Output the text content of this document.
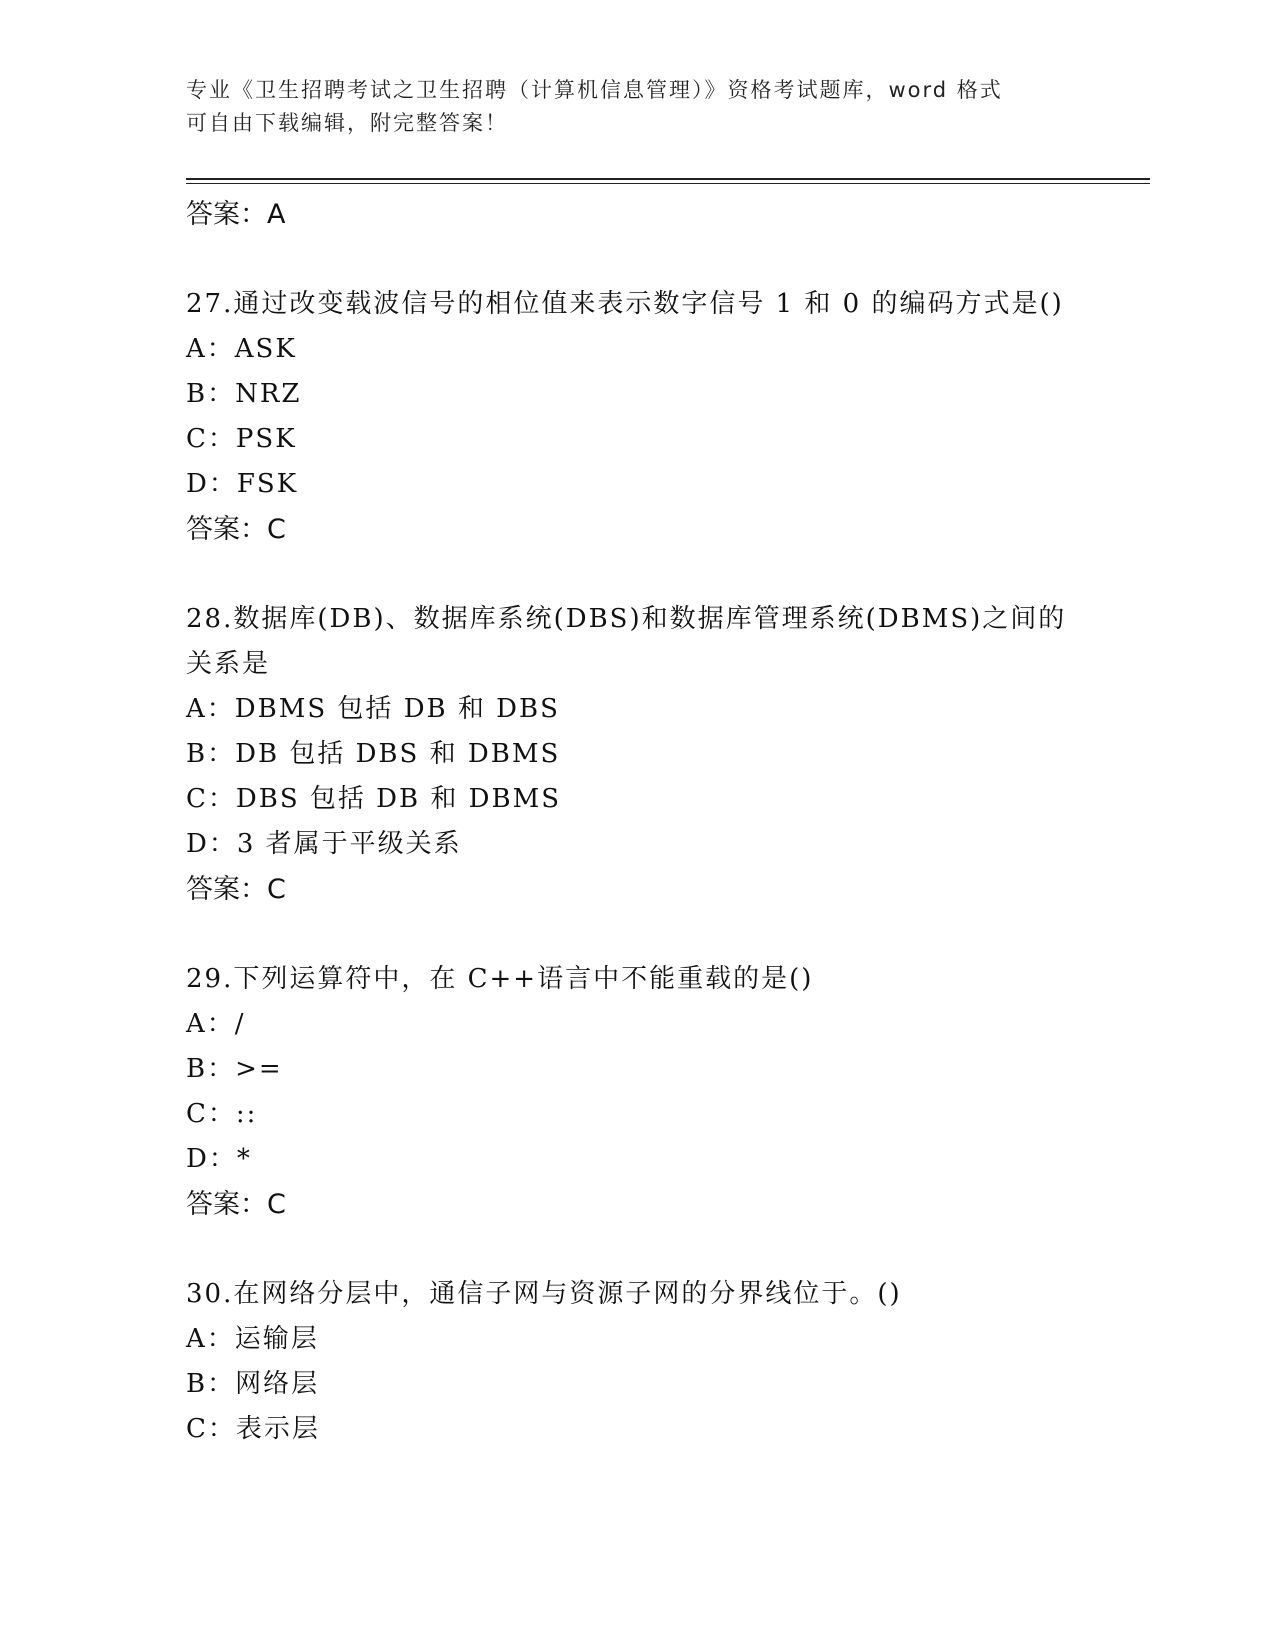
专业《卫生招聘考试之卫生招聘（计算机信息管理）》资格考试题库，word 格式
可自由下载编辑，附完整答案！
答案：A
27.通过改变载波信号的相位值来表示数字信号 1 和 0 的编码方式是()
A：ASK
B：NRZ
C：PSK
D：FSK
答案：C
28.数据库(DB)、数据库系统(DBS)和数据库管理系统(DBMS)之间的关系是
A：DBMS 包括 DB 和 DBS
B：DB 包括 DBS 和 DBMS
C：DBS 包括 DB 和 DBMS
D：3 者属于平级关系
答案：C
29.下列运算符中，在 C++语言中不能重载的是()
A：/
B：>=
C：::
D：*
答案：C
30.在网络分层中，通信子网与资源子网的分界线位于。()
A：运输层
B：网络层
C：表示层
